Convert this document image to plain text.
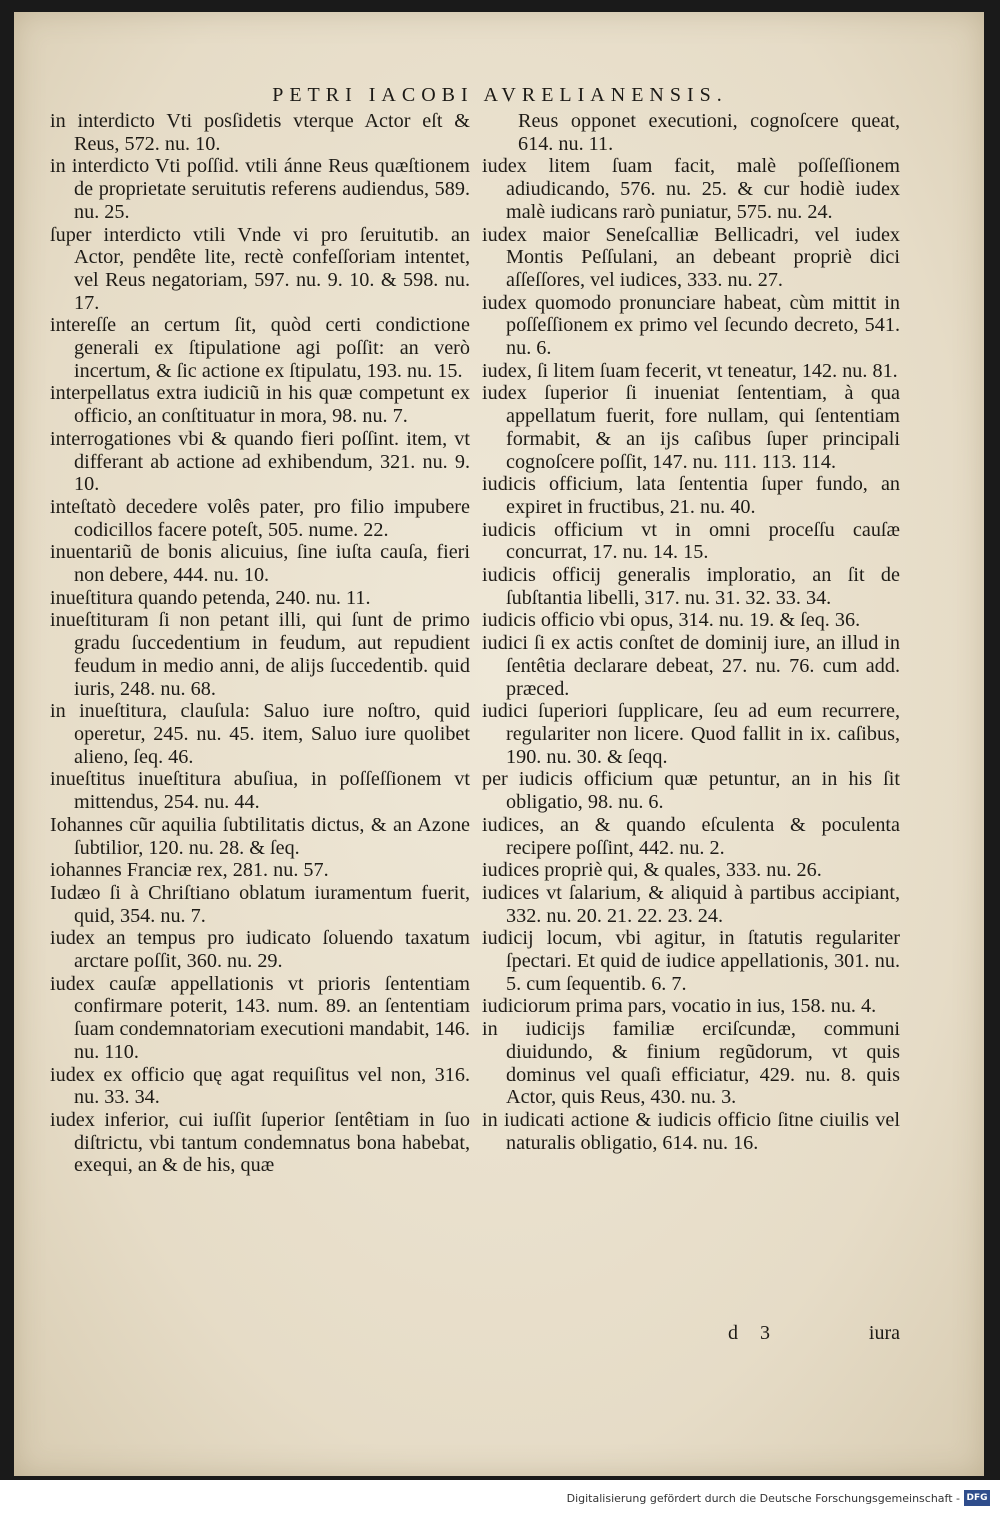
PETRI IACOBI AVRELIANENSIS.

in interdicto Vti posſidetis vterque Actor eſt & Reus, 572. nu. 10.

in interdicto Vti poſſid. vtili ánne Reus quæſtionem de proprietate seruitutis referens audiendus, 589. nu. 25.

ſuper interdicto vtili Vnde vi pro ſeruitutib. an Actor, pendête lite, rectè confeſſoriam intentet, vel Reus negatoriam, 597. nu. 9. 10. & 598. nu. 17.

intereſſe an certum ſit, quòd certi condictione generali ex ſtipulatione agi poſſit: an verò incertum, & ſic actione ex ſtipulatu, 193. nu. 15.

interpellatus extra iudiciũ in his quæ competunt ex officio, an conſtituatur in mora, 98. nu. 7.

interrogationes vbi & quando fieri poſſint. item, vt differant ab actione ad exhibendum, 321. nu. 9. 10.

inteſtatò decedere volês pater, pro filio impubere codicillos facere poteſt, 505. nume. 22.

inuentariũ de bonis alicuius, ſine iuſta cauſa, fieri non debere, 444. nu. 10.

inueſtitura quando petenda, 240. nu. 11.

inueſtituram ſi non petant illi, qui ſunt de primo gradu ſuccedentium in feudum, aut repudient feudum in medio anni, de alijs ſuccedentib. quid iuris, 248. nu. 68.

in inueſtitura, clauſula: Saluo iure noſtro, quid operetur, 245. nu. 45. item, Saluo iure quolibet alieno, ſeq. 46.

inueſtitus inueſtitura abuſiua, in poſſeſſionem vt mittendus, 254. nu. 44.

Iohannes cũr aquilia ſubtilitatis dictus, & an Azone ſubtilior, 120. nu. 28. & ſeq.

iohannes Franciæ rex, 281. nu. 57.

Iudæo ſi à Chriſtiano oblatum iuramentum fuerit, quid, 354. nu. 7.

iudex an tempus pro iudicato ſoluendo taxatum arctare poſſit, 360. nu. 29.

iudex cauſæ appellationis vt prioris ſententiam confirmare poterit, 143. num. 89. an ſententiam ſuam condemnatoriam executioni mandabit, 146. nu. 110.

iudex ex officio quę agat requiſitus vel non, 316. nu. 33. 34.

iudex inferior, cui iuſſit ſuperior ſentêtiam in ſuo diſtrictu, vbi tantum condemnatus bona habebat, exequi, an & de his, quæ

Reus opponet executioni, cognoſcere queat, 614. nu. 11.

iudex litem ſuam facit, malè poſſeſſionem adiudicando, 576. nu. 25. & cur hodiè iudex malè iudicans rarò puniatur, 575. nu. 24.

iudex maior Seneſcalliæ Bellicadri, vel iudex Montis Peſſulani, an debeant propriè dici aſſeſſores, vel iudices, 333. nu. 27.

iudex quomodo pronunciare habeat, cùm mittit in poſſeſſionem ex primo vel ſecundo decreto, 541. nu. 6.

iudex, ſi litem ſuam fecerit, vt teneatur, 142. nu. 81.

iudex ſuperior ſi inueniat ſententiam, à qua appellatum fuerit, fore nullam, qui ſententiam formabit, & an ijs caſibus ſuper principali cognoſcere poſſit, 147. nu. 111. 113. 114.

iudicis officium, lata ſententia ſuper fundo, an expiret in fructibus, 21. nu. 40.

iudicis officium vt in omni proceſſu cauſæ concurrat, 17. nu. 14. 15.

iudicis officij generalis imploratio, an ſit de ſubſtantia libelli, 317. nu. 31. 32. 33. 34.

iudicis officio vbi opus, 314. nu. 19. & ſeq. 36.

iudici ſi ex actis conſtet de dominij iure, an illud in ſentêtia declarare debeat, 27. nu. 76. cum add. præced.

iudici ſuperiori ſupplicare, ſeu ad eum recurrere, regulariter non licere. Quod fallit in ix. caſibus, 190. nu. 30. & ſeqq.

per iudicis officium quæ petuntur, an in his ſit obligatio, 98. nu. 6.

iudices, an & quando eſculenta & poculenta recipere poſſint, 442. nu. 2.

iudices propriè qui, & quales, 333. nu. 26.

iudices vt ſalarium, & aliquid à partibus accipiant, 332. nu. 20. 21. 22. 23. 24.

iudicij locum, vbi agitur, in ſtatutis regulariter ſpectari. Et quid de iudice appellationis, 301. nu. 5. cum ſequentib. 6. 7.

iudiciorum prima pars, vocatio in ius, 158. nu. 4.

in iudicijs familiæ erciſcundæ, communi diuidundo, & finium regũdorum, vt quis dominus vel quaſi efficiatur, 429. nu. 8. quis Actor, quis Reus, 430. nu. 3.

in iudicati actione & iudicis officio ſitne ciuilis vel naturalis obligatio, 614. nu. 16.

d 3	iura
Digitalisierung gefördert durch die Deutsche Forschungsgemeinschaft - DFG
